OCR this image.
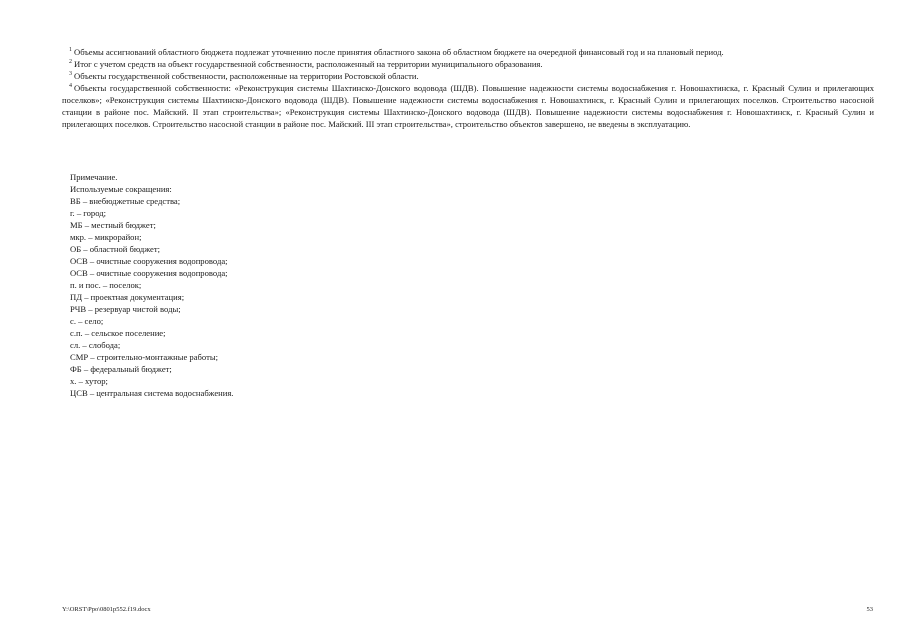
$^1$ Объемы ассигнований областного бюджета подлежат уточнению после принятия областного закона об областном бюджете на очередной финансовый год и на плановый период.

$^2$ Итог с учетом средств на объект государственной собственности, расположенный на территории муниципального образования.

$^3$ Объекты государственной собственности, расположенные на территории Ростовской области.

$^4$ Объекты государственной собственности: «Реконструкция системы Шахтинско-Донского водовода (ШДВ). Повышение надежности системы водоснабжения г. Новошахтинска, г. Красный Сулин и прилегающих поселков»; «Реконструкция системы Шахтинско-Донского водовода (ШДВ). Повышение надежности системы водоснабжения г. Новошахтинск, г. Красный Сулин и прилегающих поселков. Строительство насосной станции в районе пос. Майский. II этап строительства»; «Реконструкция системы Шахтинско-Донского водовода (ШДВ). Повышение надежности системы водоснабжения г. Новошахтинск, г. Красный Сулин и прилегающих поселков. Строительство насосной станции в районе пос. Майский. III этап строительства», строительство объектов завершено, не введены в эксплуатацию.

Примечание.

Используемые сокращения:

ВБ – внебюджетные средства;

г. – город;

МБ – местный бюджет;

мкр. – микрорайон;

ОБ – областной бюджет;

ОСВ – очистные сооружения водопровода;

ОСВ – очистные сооружения водопровода;

п. и пос. – поселок;

ПД – проектная документация;

РЧВ – резервуар чистой воды;

с. – село;

с.п. – сельское поселение;

сл. – слобода;

СМР – строительно-монтажные работы;

ФБ – федеральный бюджет;

х. – хутор;

ЦСВ – центральная система водоснабжения.

Y:\ORST\Ppo\0801p552.f19.docx	53
